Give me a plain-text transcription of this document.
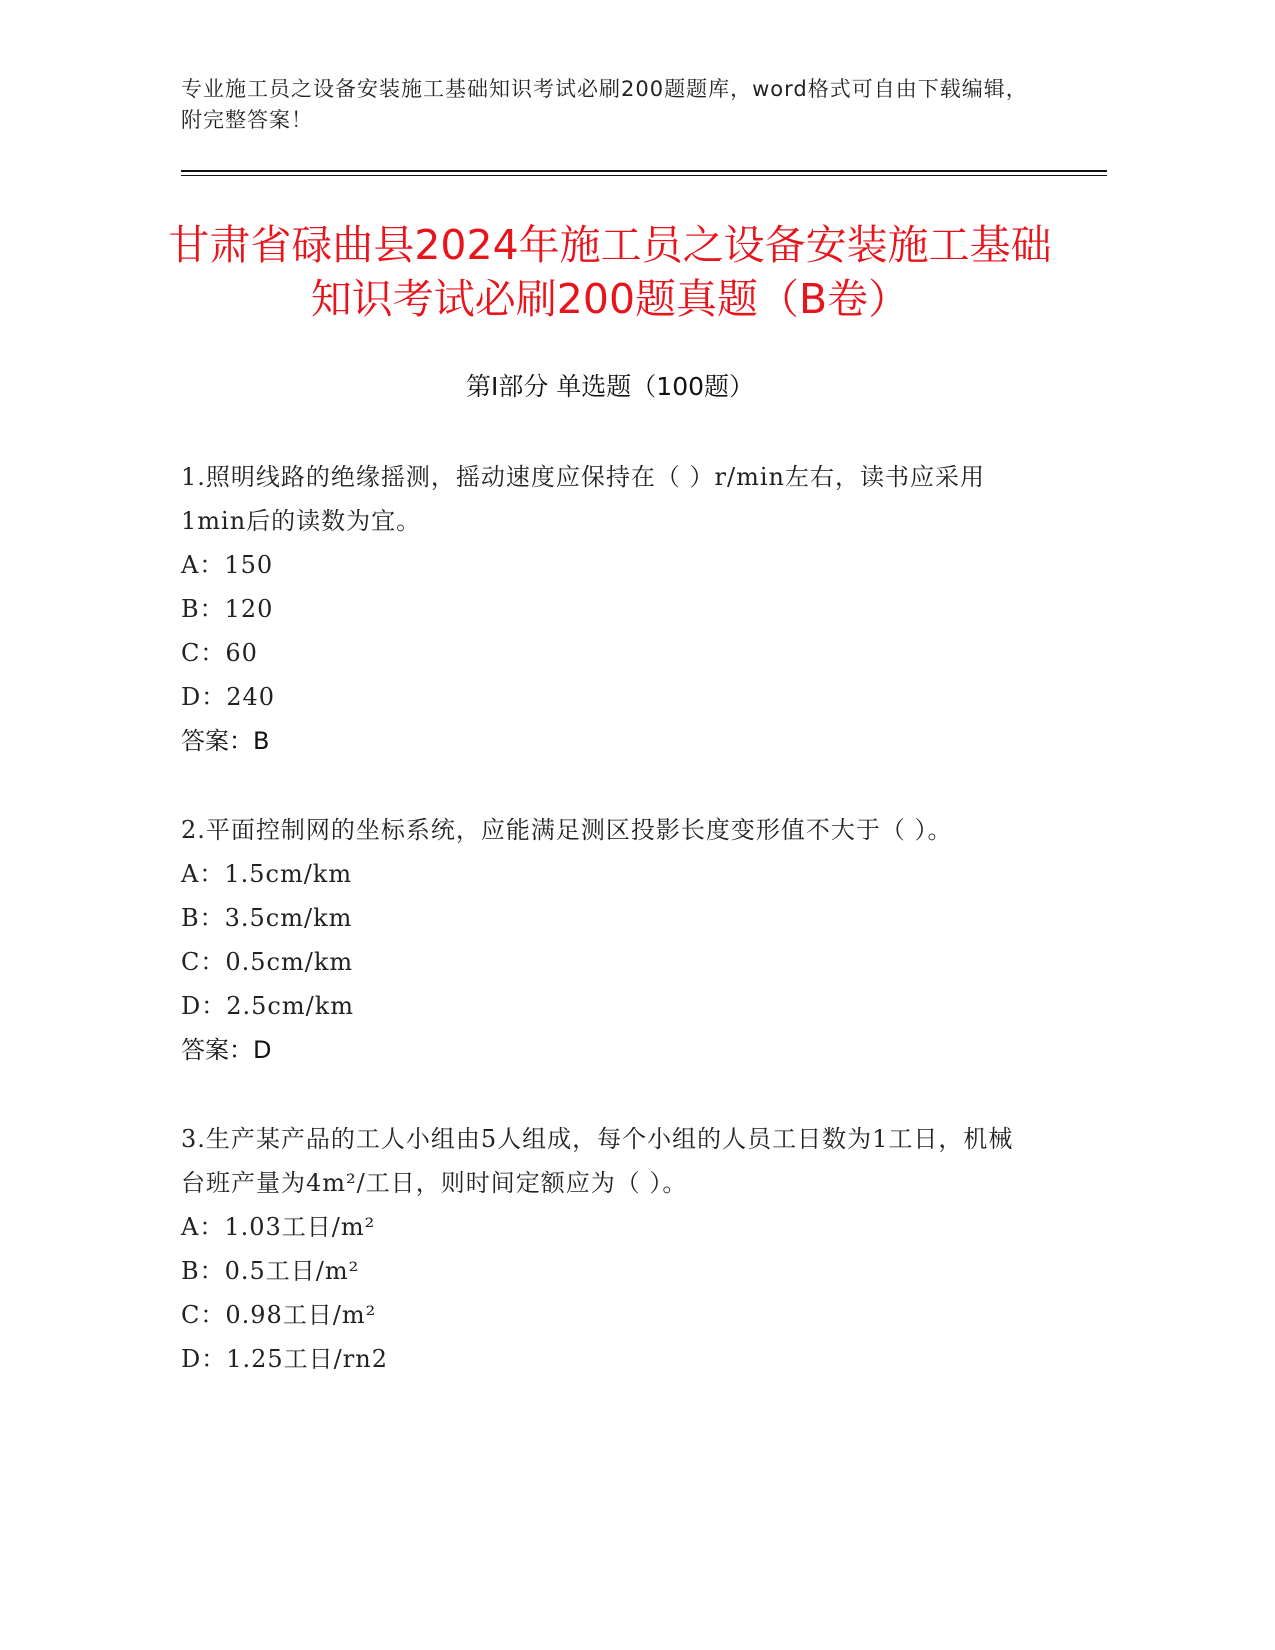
专业施工员之设备安装施工基础知识考试必刷200题题库，word格式可自由下载编辑，附完整答案！
甘肃省碌曲县2024年施工员之设备安装施工基础知识考试必刷200题真题（B卷）
第Ⅰ部分 单选题（100题）
1.照明线路的绝缘摇测，摇动速度应保持在（ ）r/min左右，读书应采用1min后的读数为宜。
A：150
B：120
C：60
D：240
答案：B
2.平面控制网的坐标系统，应能满足测区投影长度变形值不大于（ ）。
A：1.5cm/km
B：3.5cm/km
C：0.5cm/km
D：2.5cm/km
答案：D
3.生产某产品的工人小组由5人组成，每个小组的人员工日数为1工日，机械台班产量为4m²/工日，则时间定额应为（ ）。
A：1.03工日/m²
B：0.5工日/m²
C：0.98工日/m²
D：1.25工日/rn2
